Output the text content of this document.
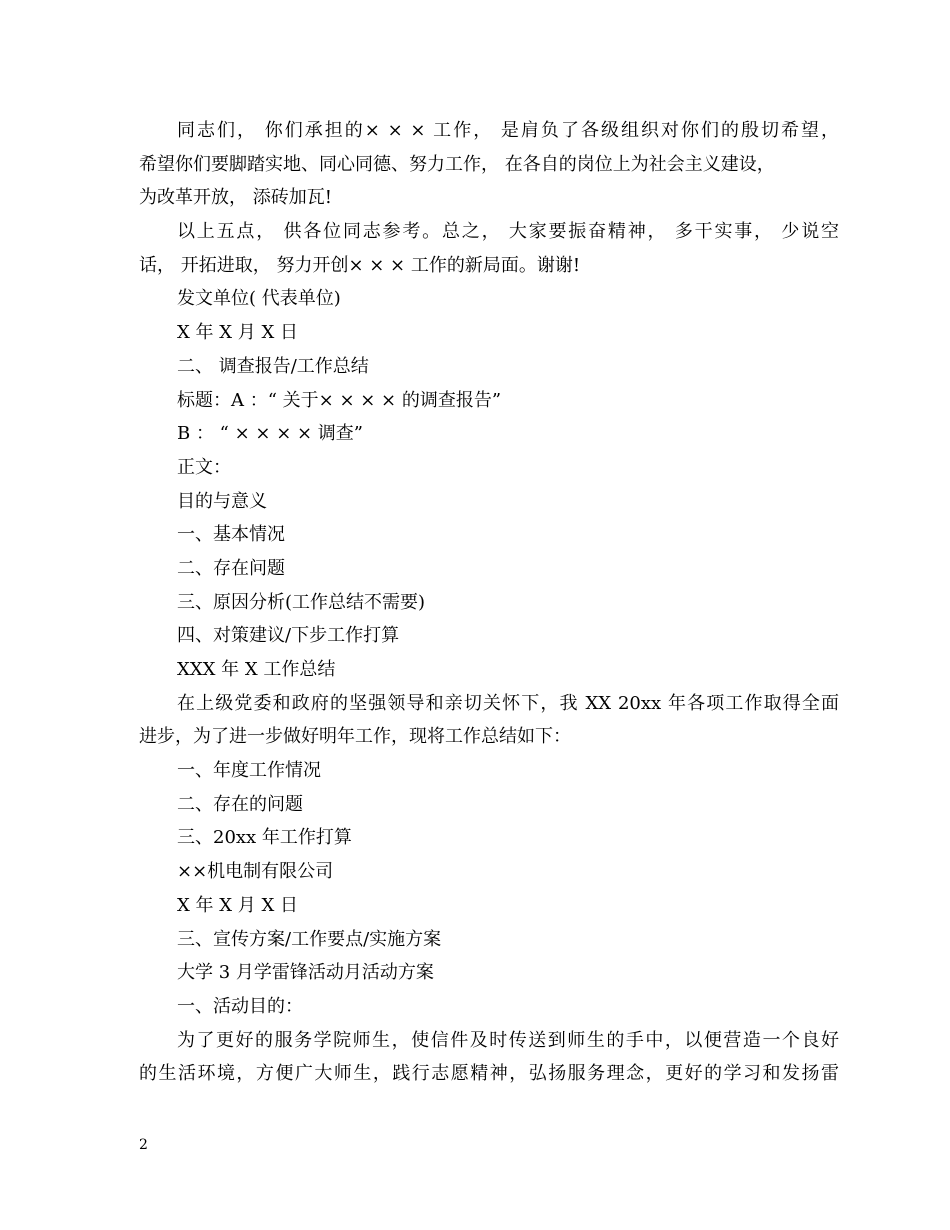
同志们， 你们承担的× × × 工作， 是肩负了各级组织对你们的殷切希望，
希望你们要脚踏实地、同心同德、努力工作， 在各自的岗位上为社会主义建设，
为改革开放， 添砖加瓦!
以上五点， 供各位同志参考。总之， 大家要振奋精神， 多干实事， 少说空
话， 开拓进取， 努力开创× × × 工作的新局面。谢谢!
发文单位( 代表单位)
X 年 X 月 X 日
二、 调查报告/工作总结
标题：A ：“ 关于× × × × 的调查报告”
B ： “ × × × × 调查”
正文：
目的与意义
一、基本情况
二、存在问题
三、原因分析(工作总结不需要)
四、对策建议/下步工作打算
XXX 年 X 工作总结
在上级党委和政府的坚强领导和亲切关怀下，我 XX 20xx 年各项工作取得全面
进步，为了进一步做好明年工作，现将工作总结如下：
一、年度工作情况
二、存在的问题
三、20xx 年工作打算
××机电制有限公司
X 年 X 月 X 日
三、宣传方案/工作要点/实施方案
大学 3 月学雷锋活动月活动方案
一、活动目的：
为了更好的服务学院师生，使信件及时传送到师生的手中，以便营造一个良好
的生活环境，方便广大师生，践行志愿精神，弘扬服务理念，更好的学习和发扬雷
2
